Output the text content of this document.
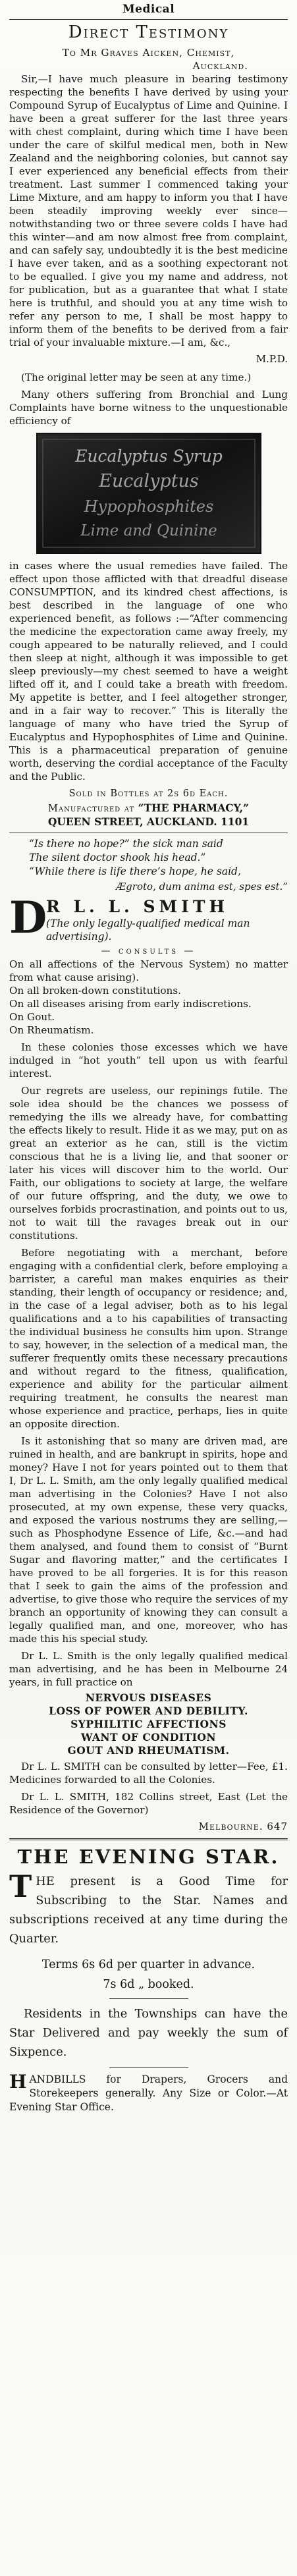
Medical
Direct Testimony
To Mr Graves Aicken, Chemist,
Auckland.

Sir,—I have much pleasure in bearing testimony respecting the benefits I have derived by using your Compound Syrup of Eucalyptus of Lime and Quinine. I have been a great sufferer for the last three years with chest complaint, during which time I have been under the care of skilful medical men, both in New Zealand and the neighboring colonies, but cannot say I ever experienced any beneficial effects from their treatment. Last summer I commenced taking your Lime Mixture, and am happy to inform you that I have been steadily improving weekly ever since—notwithstanding two or three severe colds I have had this winter—and am now almost free from complaint, and can safely say, undoubtedly it is the best medicine I have ever taken, and as a soothing expectorant not to be equalled. I give you my name and address, not for publication, but as a guarantee that what I state here is truthful, and should you at any time wish to refer any person to me, I shall be most happy to inform them of the benefits to be derived from a fair trial of your invaluable mixture.—I am, &c.,

M.P.D.

(The original letter may be seen at any time.)

Many others suffering from Bronchial and Lung Complaints have borne witness to the unquestionable efficiency of

Eucalyptus Syrup
Eucalyptus
Hypophosphites
Lime and Quinine

in cases where the usual remedies have failed. The effect upon those afflicted with that dreadful disease CONSUMPTION, and its kindred chest affections, is best described in the language of one who experienced benefit, as follows :—“After commencing the medicine the expectoration came away freely, my cough appeared to be naturally relieved, and I could then sleep at night, although it was impossible to get sleep previously—my chest seemed to have a weight lifted off it, and I could take a breath with freedom. My appetite is better, and I feel altogether stronger, and in a fair way to recover.” This is literally the language of many who have tried the Syrup of Eucalyptus and Hypophosphites of Lime and Quinine. This is a pharmaceutical preparation of genuine worth, deserving the cordial acceptance of the Faculty and the Public.

Sold in Bottles at 2s 6d Each.
Manufactured at “THE PHARMACY,”
QUEEN STREET, AUCKLAND. 1101
“Is there no hope?” the sick man said
The silent doctor shook his head.”
“While there is life there’s hope, he said,
Ægroto, dum anima est, spes est.”
D
R L. L. SMITH
(The only legally-qualified medical man advertising).
— consults —

On all affections of the Nervous System) no matter from what cause arising).

On all broken-down constitutions.

On all diseases arising from early indiscretions.

On Gout.

On Rheumatism.

In these colonies those excesses which we have indulged in “hot youth” tell upon us with fearful interest.

Our regrets are useless, our repinings futile. The sole idea should be the chances we possess of remedying the ills we already have, for combatting the effects likely to result. Hide it as we may, put on as great an exterior as he can, still is the victim conscious that he is a living lie, and that sooner or later his vices will discover him to the world. Our Faith, our obligations to society at large, the welfare of our future offspring, and the duty, we owe to ourselves forbids procrastination, and points out to us, not to wait till the ravages break out in our constitutions.

Before negotiating with a merchant, before engaging with a confidential clerk, before employing a barrister, a careful man makes enquiries as their standing, their length of occupancy or residence; and, in the case of a legal adviser, both as to his legal qualifications and a to his capabilities of transacting the individual business he consults him upon. Strange to say, however, in the selection of a medical man, the sufferer frequently omits these necessary precautions and without regard to the fitness, qualification, experience and ability for the particular ailment requiring treatment, he consults the nearest man whose experience and practice, perhaps, lies in quite an opposite direction.

Is it astonishing that so many are driven mad, are ruined in health, and are bankrupt in spirits, hope and money? Have I not for years pointed out to them that I, Dr L. L. Smith, am the only legally qualified medical man advertising in the Colonies? Have I not also prosecuted, at my own expense, these very quacks, and exposed the various nostrums they are selling,—such as Phosphodyne Essence of Life, &c.—and had them analysed, and found them to consist of “Burnt Sugar and flavoring matter,” and the certificates I have proved to be all forgeries. It is for this reason that I seek to gain the aims of the profession and advertise, to give those who require the services of my branch an opportunity of knowing they can consult a legally qualified man, and one, moreover, who has made this his special study.

Dr L. L. Smith is the only legally qualified medical man advertising, and he has been in Melbourne 24 years, in full practice on

NERVOUS DISEASES
LOSS OF POWER AND DEBILITY.
SYPHILITIC AFFECTIONS
WANT OF CONDITION
GOUT AND RHEUMATISM.

Dr L. L. SMITH can be consulted by letter—Fee, £1. Medicines forwarded to all the Colonies.

Dr L. L. SMITH, 182 Collins street, East (Let the Residence of the Governor)

Melbourne. 647
THE EVENING STAR.
T HE present is a Good Time for Subscribing to the Star. Names and subscriptions received at any time during the Quarter.
Terms 6s 6d per quarter in advance.
7s 6d „ booked.

Residents in the Townships can have the Star Delivered and pay weekly the sum of Sixpence.

H ANDBILLS for Drapers, Grocers and Storekeepers generally. Any Size or Color.—At Evening Star Office.
